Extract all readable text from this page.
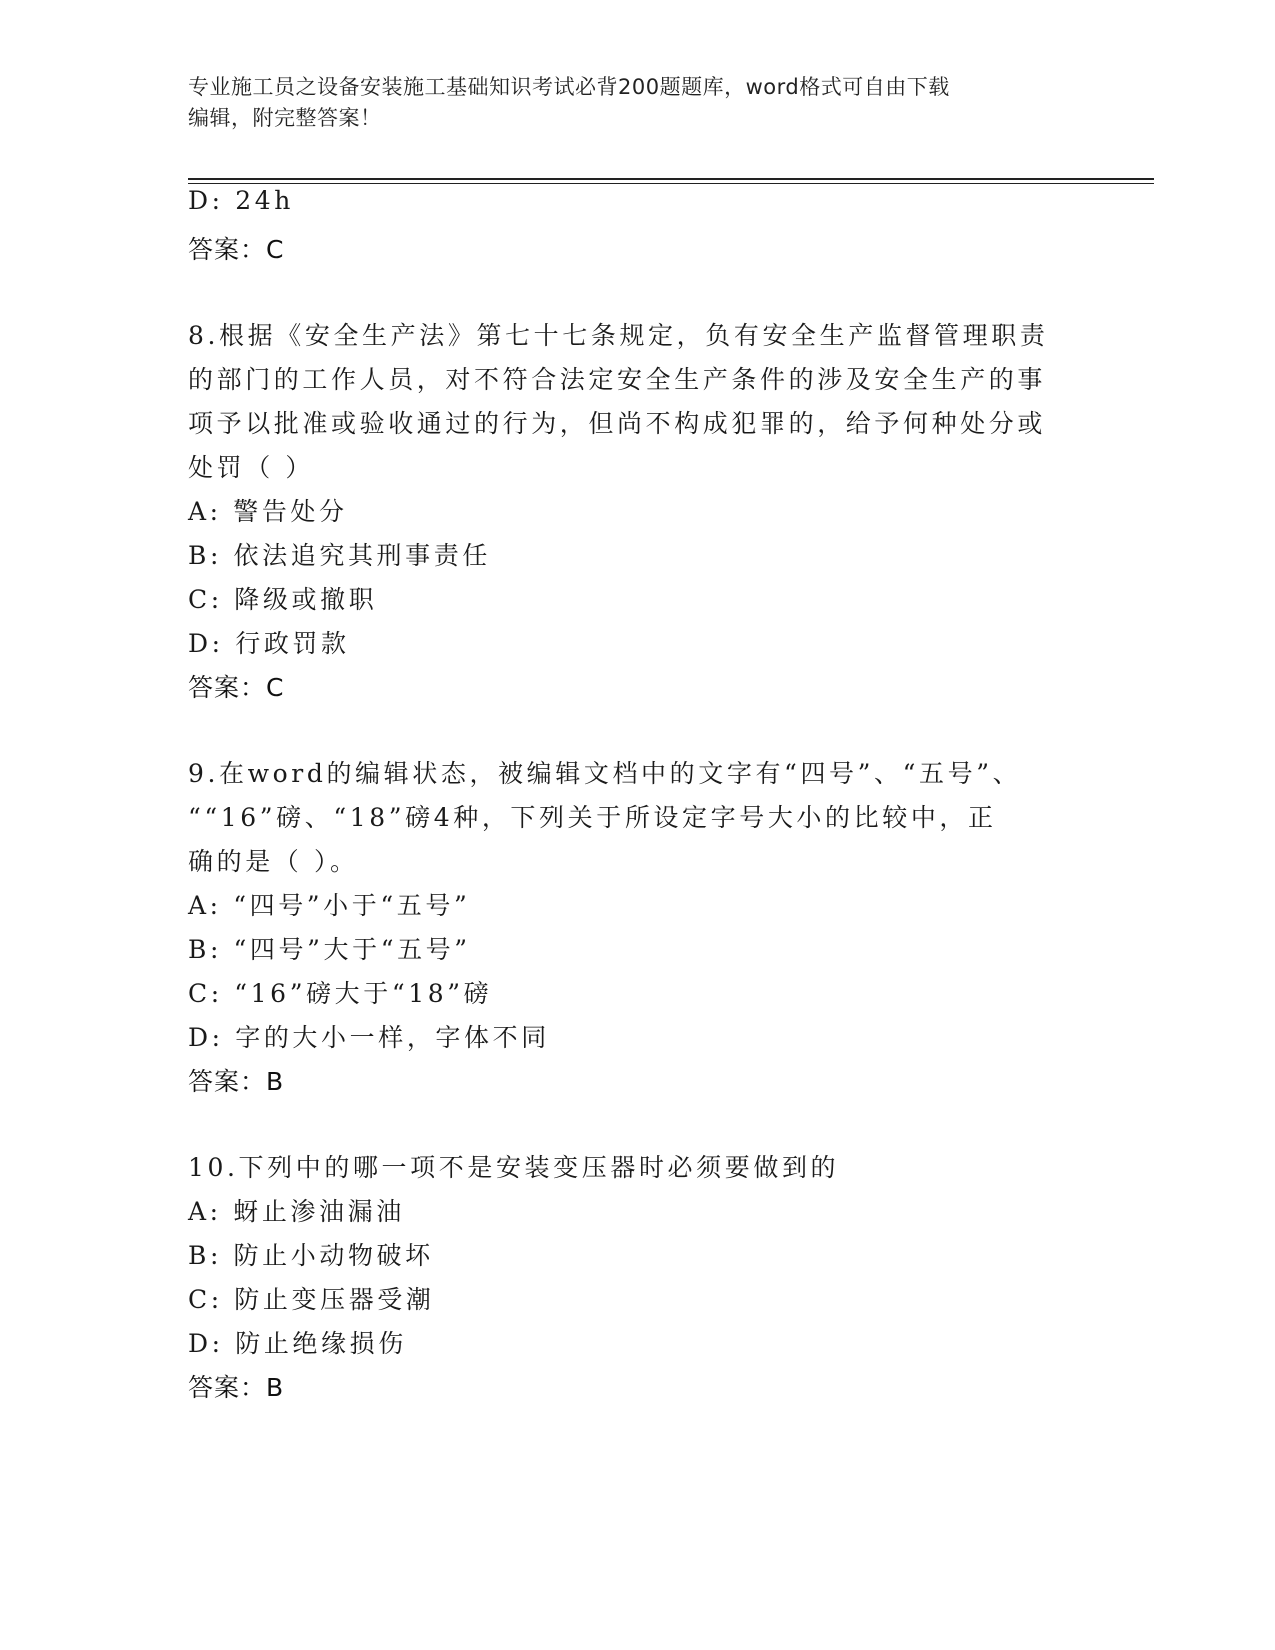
专业施工员之设备安装施工基础知识考试必背200题题库，word格式可自由下载
编辑，附完整答案！
D: 24h
答案：C
8.根据《安全生产法》第七十七条规定，负有安全生产监督管理职责
的部门的工作人员，对不符合法定安全生产条件的涉及安全生产的事
项予以批准或验收通过的行为，但尚不构成犯罪的，给予何种处分或
处罚（ ）
A: 警告处分
B: 依法追究其刑事责任
C: 降级或撤职
D: 行政罚款
答案：C
9.在word的编辑状态，被编辑文档中的文字有“四号”、“五号”、
““16”磅、“18”磅4种，下列关于所设定字号大小的比较中，正
确的是（ ）。
A: “四号”小于“五号”
B: “四号”大于“五号”
C: “16”磅大于“18”磅
D: 字的大小一样，字体不同
答案：B
10.下列中的哪一项不是安装变压器时必须要做到的
A: 蚜止渗油漏油
B: 防止小动物破坏
C: 防止变压器受潮
D: 防止绝缘损伤
答案：B
